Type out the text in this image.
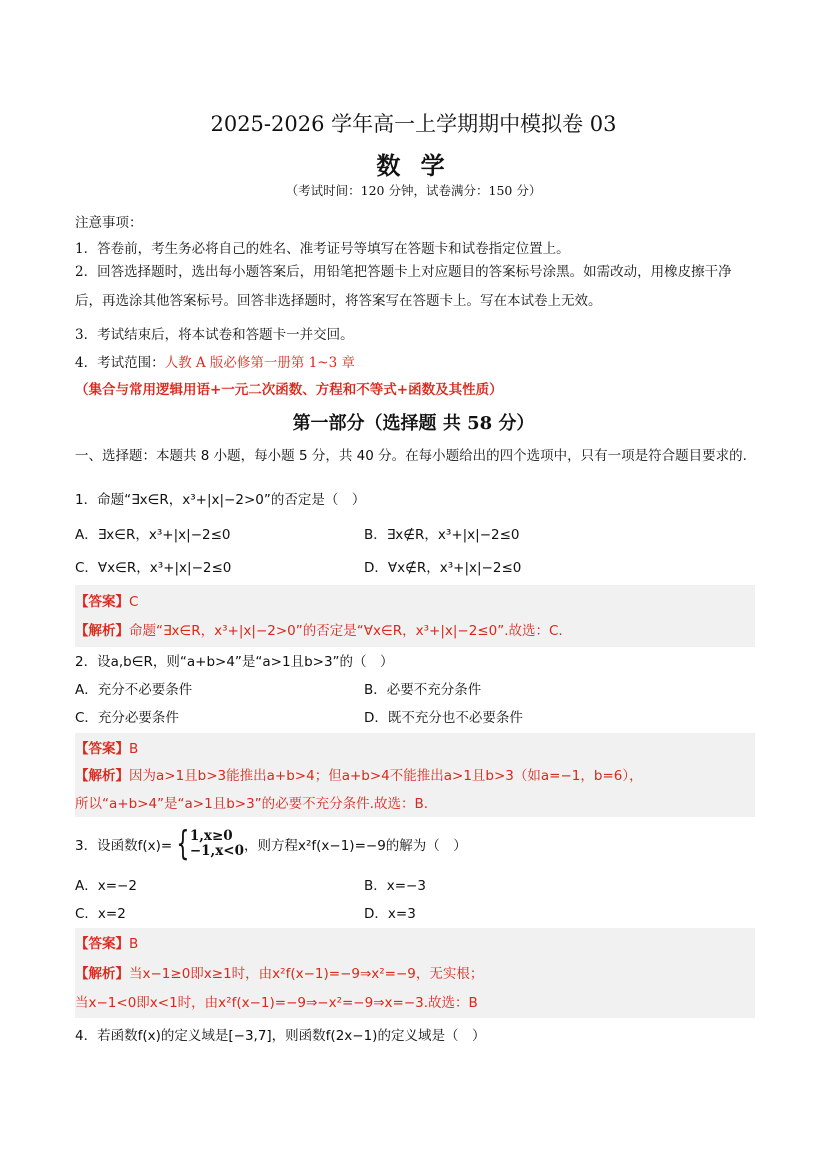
2025-2026 学年高一上学期期中模拟卷 03
数 学
（考试时间：120 分钟，试卷满分：150 分）
注意事项：
1．答卷前，考生务必将自己的姓名、准考证号等填写在答题卡和试卷指定位置上。
2．回答选择题时，选出每小题答案后，用铅笔把答题卡上对应题目的答案标号涂黑。如需改动，用橡皮擦干净后，再选涂其他答案标号。回答非选择题时，将答案写在答题卡上。写在本试卷上无效。
3．考试结束后，将本试卷和答题卡一并交回。
4．考试范围：人教 A 版必修第一册第 1~3 章
（集合与常用逻辑用语+一元二次函数、方程和不等式+函数及其性质）
第一部分（选择题 共 58 分）
一、选择题：本题共 8 小题，每小题 5 分，共 40 分。在每小题给出的四个选项中，只有一项是符合题目要求的.
1．命题“∃x∈R，x³+|x|−2>0”的否定是（　）
A．∃x∈R，x³+|x|−2≤0	B．∃x∉R，x³+|x|−2≤0
C．∀x∈R，x³+|x|−2≤0	D．∀x∉R，x³+|x|−2≤0
【答案】C
【解析】命题“∃x∈R，x³+|x|−2>0”的否定是“∀x∈R，x³+|x|−2≤0”.故选：C.
2．设a,b∈R，则“a+b>4”是“a>1且b>3”的（　）
A．充分不必要条件	B．必要不充分条件
C．充分必要条件	D．既不充分也不必要条件
【答案】B
【解析】因为a>1且b>3能推出a+b>4；但a+b>4不能推出a>1且b>3（如a=−1，b=6），
所以“a+b>4”是“a>1且b>3”的必要不充分条件.故选：B.
3．设函数f(x)= { 1,x≥0
−1,x<0 ，则方程x²f(x−1)=−9的解为（　）
A．x=−2	B．x=−3
C．x=2	D．x=3
【答案】B
【解析】当x−1≥0即x≥1时，由x²f(x−1)=−9⇒x²=−9，无实根；
当x−1<0即x<1时，由x²f(x−1)=−9⇒−x²=−9⇒x=−3.故选：B
4．若函数f(x)的定义域是[−3,7]，则函数f(2x−1)的定义域是（　）
